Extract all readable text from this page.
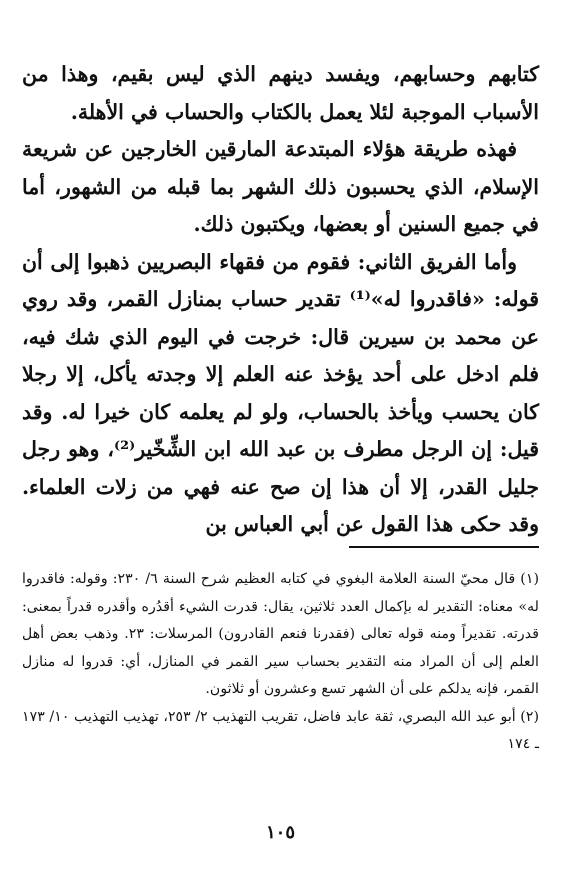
كتابهم وحسابهم، ويفسد دينهم الذي ليس بقيم، وهذا من الأسباب الموجبة لئلا يعمل بالكتاب والحساب في الأهلة.

فهذه طريقة هؤلاء المبتدعة المارقين الخارجين عن شريعة الإسلام، الذي يحسبون ذلك الشهر بما قبله من الشهور، أما في جميع السنين أو بعضها، ويكتبون ذلك.

وأما الفريق الثاني: فقوم من فقهاء البصريين ذهبوا إلى أن قوله: «فاقدروا له»⁽¹⁾ تقدير حساب بمنازل القمر، وقد روي عن محمد بن سيرين قال: خرجت في اليوم الذي شك فيه، فلم ادخل على أحد يؤخذ عنه العلم إلا وجدته يأكل، إلا رجلا كان يحسب ويأخذ بالحساب، ولو لم يعلمه كان خيرا له. وقد قيل: إن الرجل مطرف بن عبد الله ابن الشِّخّير⁽²⁾، وهو رجل جليل القدر، إلا أن هذا إن صح عنه فهي من زلات العلماء. وقد حكى هذا القول عن أبي العباس بن

(١) قال محيّ السنة العلامة البغوي في كتابه العظيم شرح السنة ٦/ ٢٣٠: وقوله: فاقدروا له» معناه: التقدير له بإكمال العدد ثلاثين، يقال: قدرت الشيء أقدُره وأقدره قدراً بمعنى: قدرته. تقديراً ومنه قوله تعالى (فقدرنا فنعم القادرون) المرسلات: ٢٣. وذهب بعض أهل العلم إلى أن المراد منه التقدير بحساب سير القمر في المنازل، أي: قدروا له منازل القمر، فإنه يدلكم على أن الشهر تسع وعشرون أو ثلاثون.

(٢) أبو عبد الله البصري، ثقة عابد فاضل، تقريب التهذيب ٢/ ٢٥٣، تهذيب التهذيب ١٠/ ١٧٣ ـ ١٧٤

١٠٥
